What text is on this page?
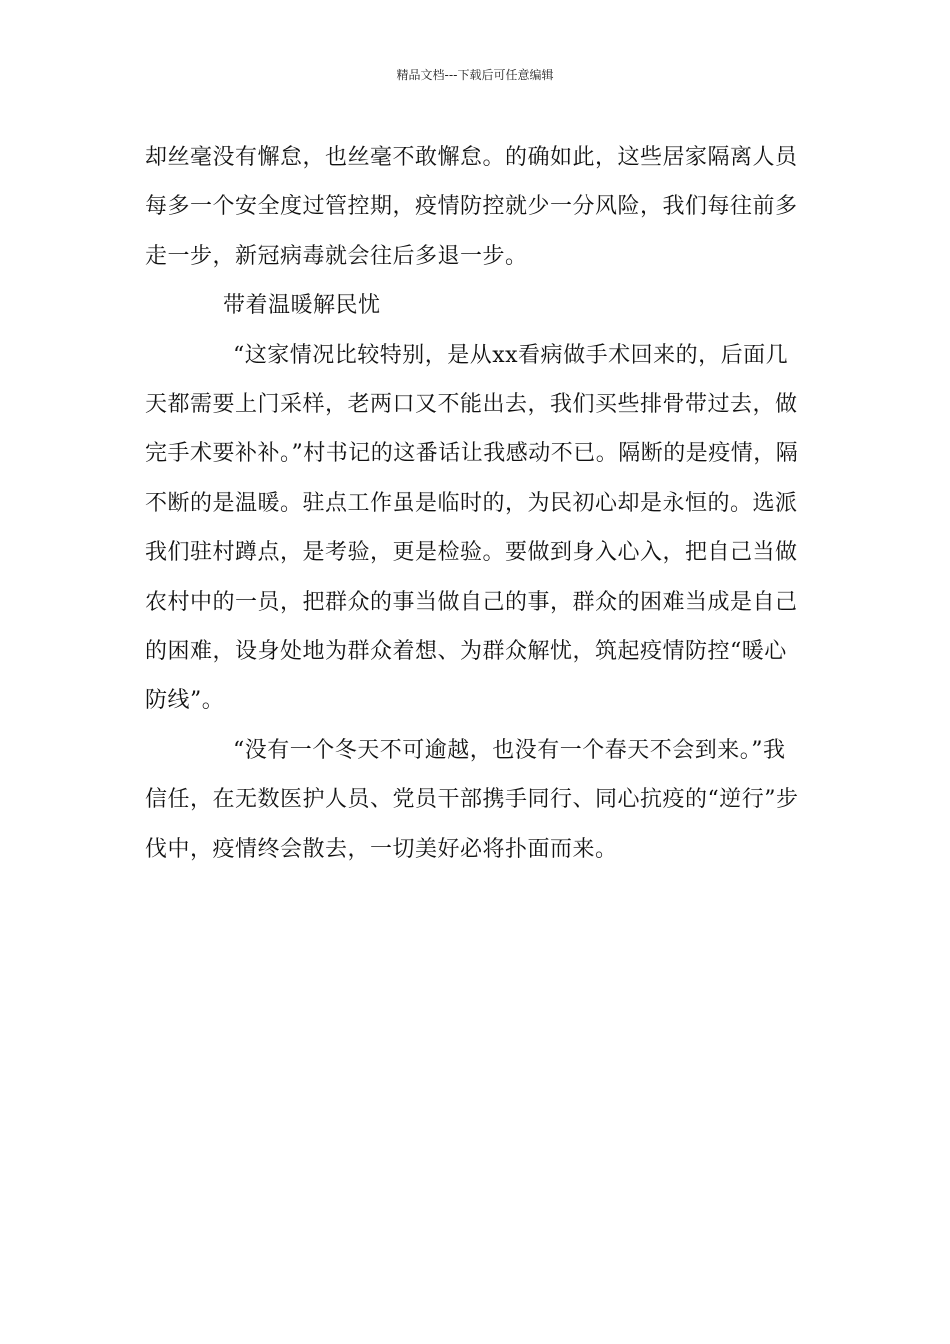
精品文档---下载后可任意编辑

却丝毫没有懈怠，也丝毫不敢懈怠。的确如此，这些居家隔离人员每多一个安全度过管控期，疫情防控就少一分风险，我们每往前多走一步，新冠病毒就会往后多退一步。

带着温暖解民忧

“这家情况比较特别，是从xx看病做手术回来的，后面几天都需要上门采样，老两口又不能出去，我们买些排骨带过去，做完手术要补补。”村书记的这番话让我感动不已。隔断的是疫情，隔不断的是温暖。驻点工作虽是临时的，为民初心却是永恒的。选派我们驻村蹲点，是考验，更是检验。要做到身入心入，把自己当做农村中的一员，把群众的事当做自己的事，群众的困难当成是自己的困难，设身处地为群众着想、为群众解忧，筑起疫情防控“暖心防线”。

“没有一个冬天不可逾越，也没有一个春天不会到来。”我信任，在无数医护人员、党员干部携手同行、同心抗疫的“逆行”步伐中，疫情终会散去，一切美好必将扑面而来。
